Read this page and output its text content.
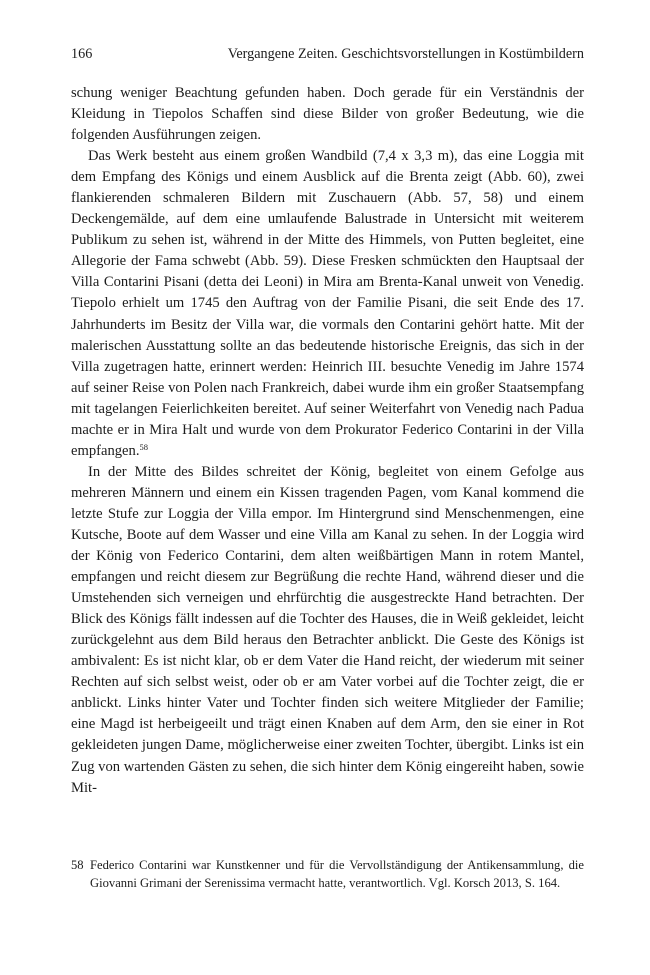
166	Vergangene Zeiten. Geschichtsvorstellungen in Kostümbildern

schung weniger Beachtung gefunden haben. Doch gerade für ein Verständnis der Kleidung in Tiepolos Schaffen sind diese Bilder von großer Bedeutung, wie die folgenden Ausführungen zeigen.

Das Werk besteht aus einem großen Wandbild (7,4 x 3,3 m), das eine Loggia mit dem Empfang des Königs und einem Ausblick auf die Brenta zeigt (Abb. 60), zwei flankierenden schmaleren Bildern mit Zuschauern (Abb. 57, 58) und einem Deckengemälde, auf dem eine umlaufende Balustrade in Untersicht mit weiterem Publikum zu sehen ist, während in der Mitte des Himmels, von Putten begleitet, eine Allegorie der Fama schwebt (Abb. 59). Diese Fresken schmückten den Hauptsaal der Villa Contarini Pisani (detta dei Leoni) in Mira am Brenta-Kanal unweit von Venedig. Tiepolo erhielt um 1745 den Auftrag von der Familie Pisani, die seit Ende des 17. Jahrhunderts im Besitz der Villa war, die vormals den Contarini gehört hatte. Mit der malerischen Ausstattung sollte an das bedeutende historische Ereignis, das sich in der Villa zugetragen hatte, erinnert werden: Heinrich III. besuchte Venedig im Jahre 1574 auf seiner Reise von Polen nach Frankreich, dabei wurde ihm ein großer Staatsempfang mit tagelangen Feierlichkeiten bereitet. Auf seiner Weiterfahrt von Venedig nach Padua machte er in Mira Halt und wurde von dem Prokurator Federico Contarini in der Villa empfangen.$^{58}$

In der Mitte des Bildes schreitet der König, begleitet von einem Gefolge aus mehreren Männern und einem ein Kissen tragenden Pagen, vom Kanal kommend die letzte Stufe zur Loggia der Villa empor. Im Hintergrund sind Menschenmengen, eine Kutsche, Boote auf dem Wasser und eine Villa am Kanal zu sehen. In der Loggia wird der König von Federico Contarini, dem alten weißbärtigen Mann in rotem Mantel, empfangen und reicht diesem zur Begrüßung die rechte Hand, während dieser und die Umstehenden sich verneigen und ehrfürchtig die ausgestreckte Hand betrachten. Der Blick des Königs fällt indessen auf die Tochter des Hauses, die in Weiß gekleidet, leicht zurückgelehnt aus dem Bild heraus den Betrachter anblickt. Die Geste des Königs ist ambivalent: Es ist nicht klar, ob er dem Vater die Hand reicht, der wiederum mit seiner Rechten auf sich selbst weist, oder ob er am Vater vorbei auf die Tochter zeigt, die er anblickt. Links hinter Vater und Tochter finden sich weitere Mitglieder der Familie; eine Magd ist herbeigeeilt und trägt einen Knaben auf dem Arm, den sie einer in Rot gekleideten jungen Dame, möglicherweise einer zweiten Tochter, übergibt. Links ist ein Zug von wartenden Gästen zu sehen, die sich hinter dem König eingereiht haben, sowie Mit-

58 Federico Contarini war Kunstkenner und für die Vervollständigung der Antikensammlung, die Giovanni Grimani der Serenissima vermacht hatte, verantwortlich. Vgl. Korsch 2013, S. 164.
